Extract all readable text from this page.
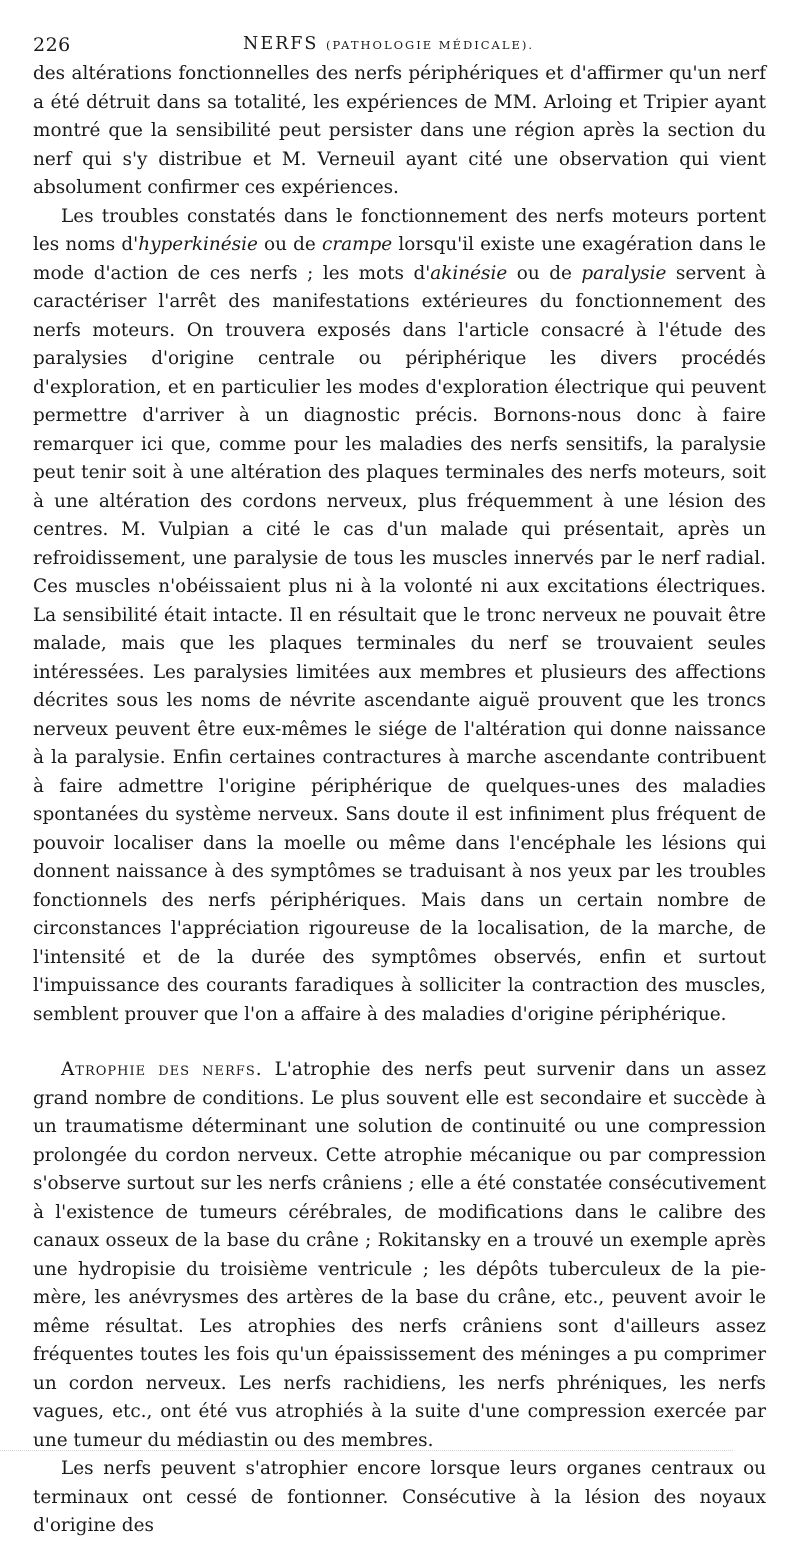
226	NERFS (PATHOLOGIE MÉDICALE).

des altérations fonctionnelles des nerfs périphériques et d'affirmer qu'un nerf a été détruit dans sa totalité, les expériences de MM. Arloing et Tripier ayant montré que la sensibilité peut persister dans une région après la section du nerf qui s'y distribue et M. Verneuil ayant cité une observation qui vient absolument confirmer ces expériences.

Les troubles constatés dans le fonctionnement des nerfs moteurs portent les noms d'hyperkinésie ou de crampe lorsqu'il existe une exagération dans le mode d'action de ces nerfs ; les mots d'akinésie ou de paralysie servent à caractériser l'arrêt des manifestations extérieures du fonctionnement des nerfs moteurs. On trouvera exposés dans l'article consacré à l'étude des paralysies d'origine centrale ou périphérique les divers procédés d'exploration, et en particulier les modes d'exploration électrique qui peuvent permettre d'arriver à un diagnostic précis. Bornons-nous donc à faire remarquer ici que, comme pour les maladies des nerfs sensitifs, la paralysie peut tenir soit à une altération des plaques terminales des nerfs moteurs, soit à une altération des cordons nerveux, plus fréquemment à une lésion des centres. M. Vulpian a cité le cas d'un malade qui présentait, après un refroidissement, une paralysie de tous les muscles innervés par le nerf radial. Ces muscles n'obéissaient plus ni à la volonté ni aux excitations électriques. La sensibilité était intacte. Il en résultait que le tronc nerveux ne pouvait être malade, mais que les plaques terminales du nerf se trouvaient seules intéressées. Les paralysies limitées aux membres et plusieurs des affections décrites sous les noms de névrite ascendante aiguë prouvent que les troncs nerveux peuvent être eux-mêmes le siége de l'altération qui donne naissance à la paralysie. Enfin certaines contractures à marche ascendante contribuent à faire admettre l'origine périphérique de quelques-unes des maladies spontanées du système nerveux. Sans doute il est infiniment plus fréquent de pouvoir localiser dans la moelle ou même dans l'encéphale les lésions qui donnent naissance à des symptômes se traduisant à nos yeux par les troubles fonctionnels des nerfs périphériques. Mais dans un certain nombre de circonstances l'appréciation rigoureuse de la localisation, de la marche, de l'intensité et de la durée des symptômes observés, enfin et surtout l'impuissance des courants faradiques à solliciter la contraction des muscles, semblent prouver que l'on a affaire à des maladies d'origine périphérique.

Atrophie des nerfs. L'atrophie des nerfs peut survenir dans un assez grand nombre de conditions. Le plus souvent elle est secondaire et succède à un traumatisme déterminant une solution de continuité ou une compression prolongée du cordon nerveux. Cette atrophie mécanique ou par compression s'observe surtout sur les nerfs crâniens ; elle a été constatée consécutivement à l'existence de tumeurs cérébrales, de modifications dans le calibre des canaux osseux de la base du crâne ; Rokitansky en a trouvé un exemple après une hydropisie du troisième ventricule ; les dépôts tuberculeux de la pie-mère, les anévrysmes des artères de la base du crâne, etc., peuvent avoir le même résultat. Les atrophies des nerfs crâniens sont d'ailleurs assez fréquentes toutes les fois qu'un épaississement des méninges a pu comprimer un cordon nerveux. Les nerfs rachidiens, les nerfs phréniques, les nerfs vagues, etc., ont été vus atrophiés à la suite d'une compression exercée par une tumeur du médiastin ou des membres.

Les nerfs peuvent s'atrophier encore lorsque leurs organes centraux ou terminaux ont cessé de fontionner. Consécutive à la lésion des noyaux d'origine des
